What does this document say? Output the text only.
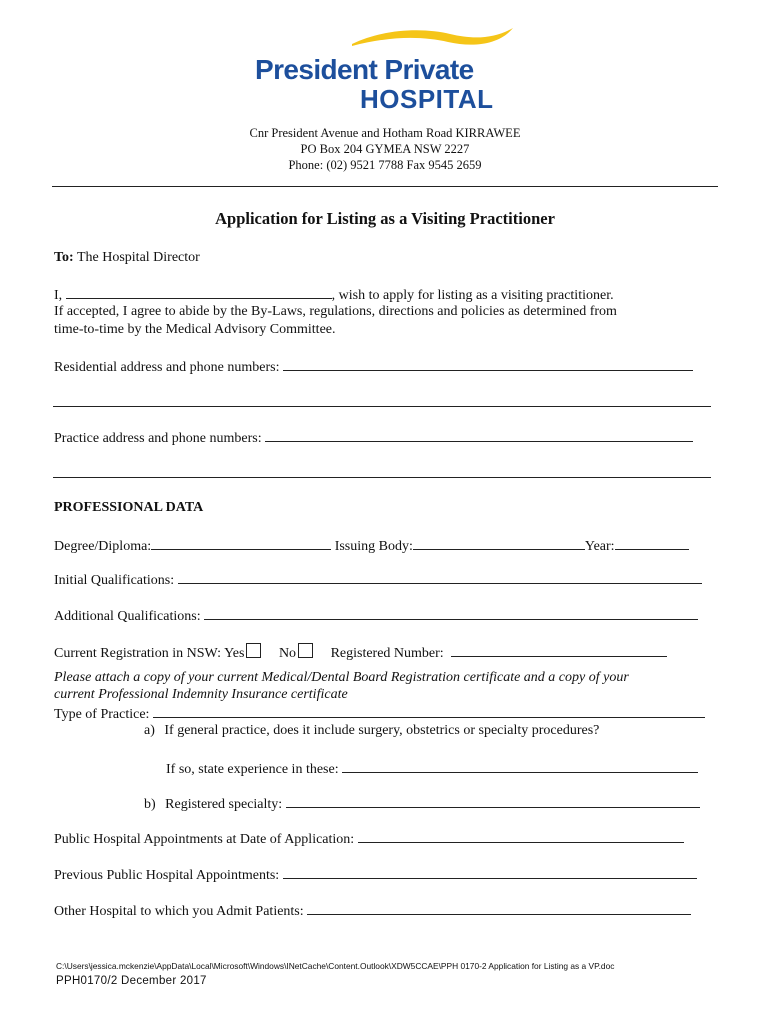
President Private
HOSPITAL
Cnr President Avenue and Hotham Road KIRRAWEE
PO Box 204 GYMEA NSW 2227
Phone: (02) 9521 7788 Fax 9545 2659
Application for Listing as a Visiting Practitioner
To: The Hospital Director
I,	, wish to apply for listing as a visiting practitioner.
If accepted, I agree to abide by the By-Laws, regulations, directions and policies as determined from
time-to-time by the Medical Advisory Committee.
Residential address and phone numbers:
Practice address and phone numbers:
PROFESSIONAL DATA
Degree/Diploma:	Issuing Body:	Year:
Initial Qualifications:
Additional Qualifications:
Current Registration in NSW: Yes No Registered Number:
Please attach a copy of your current Medical/Dental Board Registration certificate and a copy of your
current Professional Indemnity Insurance certificate
Type of Practice:
a) If general practice, does it include surgery, obstetrics or specialty procedures?
If so, state experience in these:
b) Registered specialty:
Public Hospital Appointments at Date of Application:
Previous Public Hospital Appointments:
Other Hospital to which you Admit Patients:
C:\Users\jessica.mckenzie\AppData\Local\Microsoft\Windows\INetCache\Content.Outlook\XDW5CCAE\PPH 0170-2 Application for Listing as a VP.doc
PPH0170/2 December 2017
